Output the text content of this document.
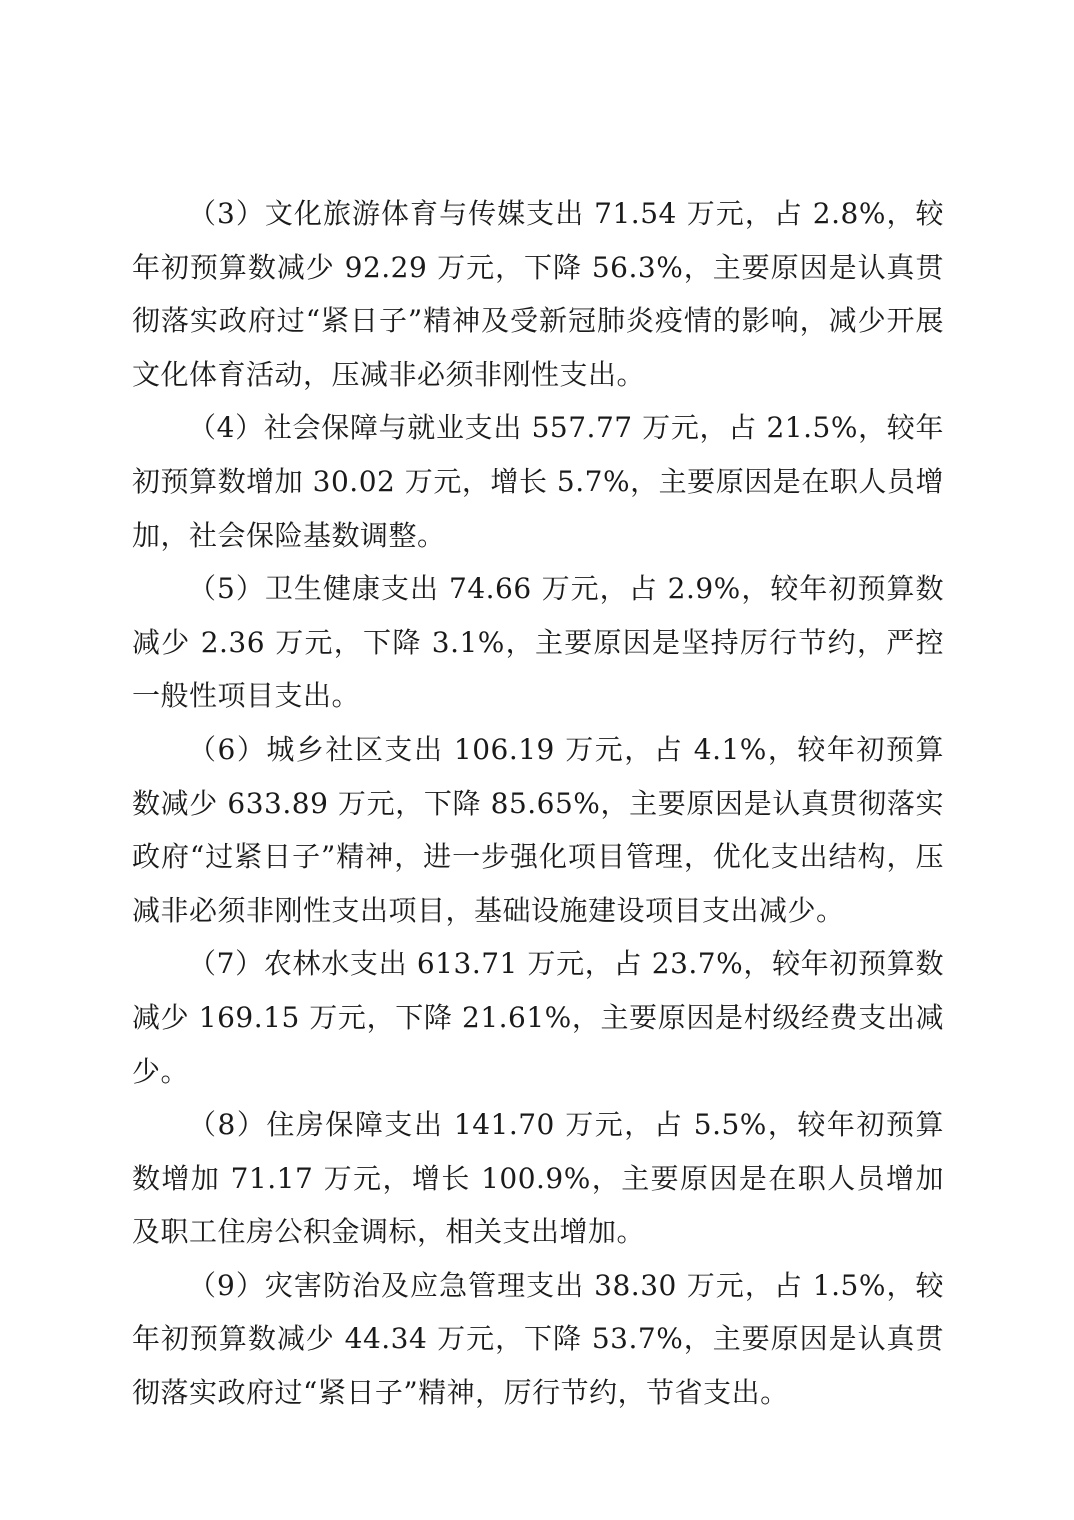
（3）文化旅游体育与传媒支出 71.54 万元，占 2.8%，较年初预算数减少 92.29 万元，下降 56.3%，主要原因是认真贯彻落实政府过“紧日子”精神及受新冠肺炎疫情的影响，减少开展文化体育活动，压减非必须非刚性支出。

（4）社会保障与就业支出 557.77 万元，占 21.5%，较年初预算数增加 30.02 万元，增长 5.7%，主要原因是在职人员增加，社会保险基数调整。

（5）卫生健康支出 74.66 万元，占 2.9%，较年初预算数减少 2.36 万元，下降 3.1%，主要原因是坚持厉行节约，严控一般性项目支出。

（6）城乡社区支出 106.19 万元，占 4.1%，较年初预算数减少 633.89 万元，下降 85.65%，主要原因是认真贯彻落实政府“过紧日子”精神，进一步强化项目管理，优化支出结构，压减非必须非刚性支出项目，基础设施建设项目支出减少。

（7）农林水支出 613.71 万元，占 23.7%，较年初预算数减少 169.15 万元，下降 21.61%，主要原因是村级经费支出减少。

（8）住房保障支出 141.70 万元，占 5.5%，较年初预算数增加 71.17 万元，增长 100.9%，主要原因是在职人员增加及职工住房公积金调标，相关支出增加。

（9）灾害防治及应急管理支出 38.30 万元，占 1.5%，较年初预算数减少 44.34 万元，下降 53.7%，主要原因是认真贯彻落实政府过“紧日子”精神，厉行节约，节省支出。
